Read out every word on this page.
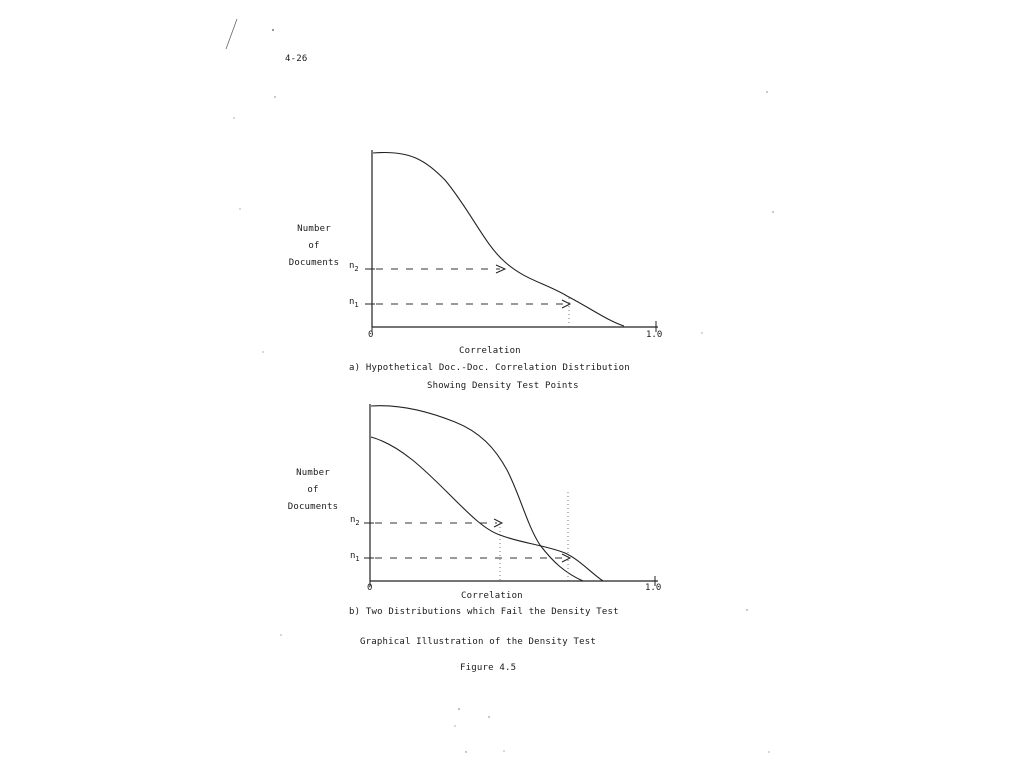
4-26
Number
of
Documents
Number
of
Documents
Correlation
a) Hypothetical Doc.-Doc. Correlation Distribution
Showing Density Test Points
Correlation
b) Two Distributions which Fail the Density Test
Graphical Illustration of the Density Test
Figure 4.5
0	1.0
$n_2$
$n_1$
0	1.0
$n_2$
$n_1$
